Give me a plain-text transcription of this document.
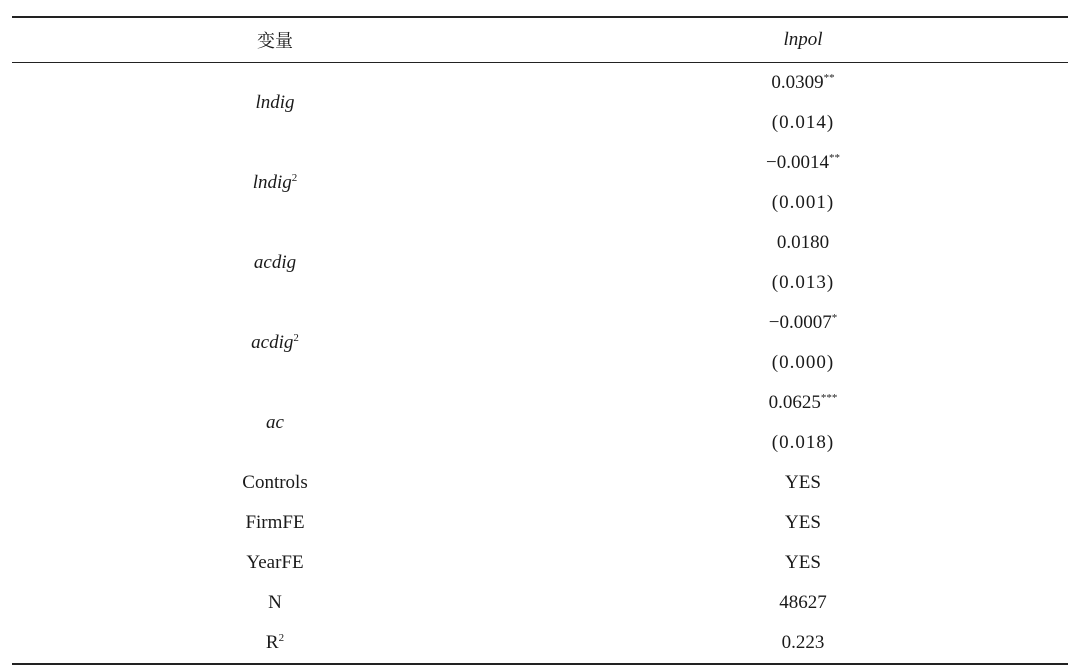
变量	lnpol
lndig	0.0309**
	(0.014)
lndig$^2$	−0.0014**
	(0.001)
acdig	0.0180
	(0.013)
acdig$^2$	−0.0007*
	(0.000)
ac	0.0625***
	(0.018)
Controls	YES
FirmFE	YES
YearFE	YES
N	48627
$R^2$	0.223
